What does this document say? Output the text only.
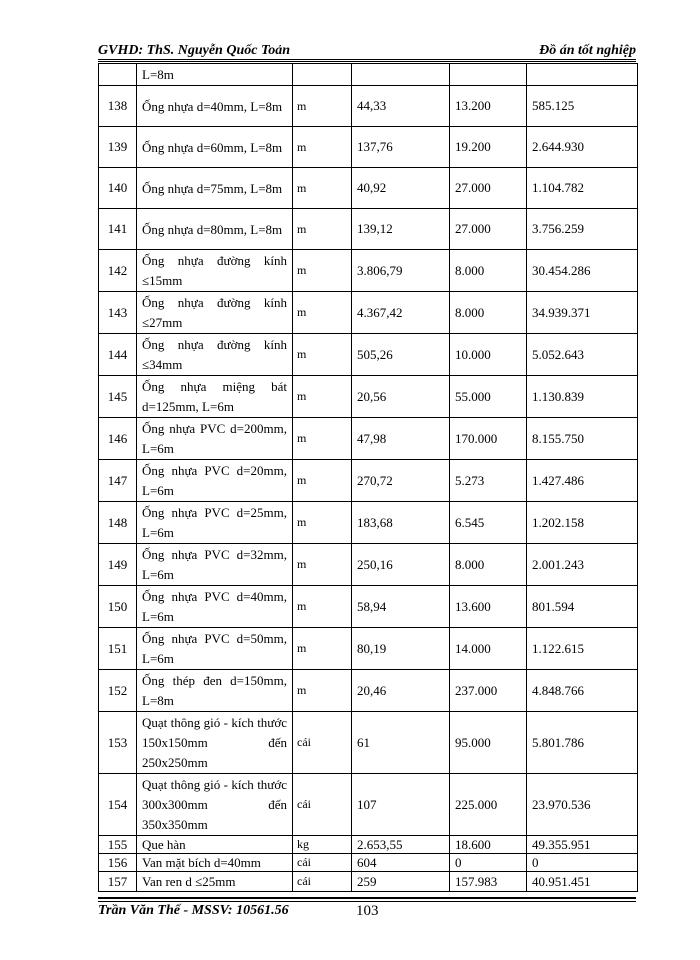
GVHD: ThS. Nguyễn Quốc Toản	Đồ án tốt nghiệp
	L=8m				
138	Ống nhựa d=40mm, L=8m	m	44,33	13.200	585.125
139	Ống nhựa d=60mm, L=8m	m	137,76	19.200	2.644.930
140	Ống nhựa d=75mm, L=8m	m	40,92	27.000	1.104.782
141	Ống nhựa d=80mm, L=8m	m	139,12	27.000	3.756.259
142	Ống nhựa đường kính ≤15mm	m	3.806,79	8.000	30.454.286
143	Ống nhựa đường kính ≤27mm	m	4.367,42	8.000	34.939.371
144	Ống nhựa đường kính ≤34mm	m	505,26	10.000	5.052.643
145	Ống nhựa miệng bát d=125mm, L=6m	m	20,56	55.000	1.130.839
146	Ống nhựa PVC d=200mm, L=6m	m	47,98	170.000	8.155.750
147	Ống nhựa PVC d=20mm, L=6m	m	270,72	5.273	1.427.486
148	Ống nhựa PVC d=25mm, L=6m	m	183,68	6.545	1.202.158
149	Ống nhựa PVC d=32mm, L=6m	m	250,16	8.000	2.001.243
150	Ống nhựa PVC d=40mm, L=6m	m	58,94	13.600	801.594
151	Ống nhựa PVC d=50mm, L=6m	m	80,19	14.000	1.122.615
152	Ống thép đen d=150mm, L=8m	m	20,46	237.000	4.848.766
153	Quạt thông gió - kích thước 150x150mm đến 250x250mm	cái	61	95.000	5.801.786
154	Quạt thông gió - kích thước 300x300mm đến 350x350mm	cái	107	225.000	23.970.536
155	Que hàn	kg	2.653,55	18.600	49.355.951
156	Van mặt bích d=40mm	cái	604	0	0
157	Van ren d ≤25mm	cái	259	157.983	40.951.451
Trần Văn Thế - MSSV: 10561.56	103
